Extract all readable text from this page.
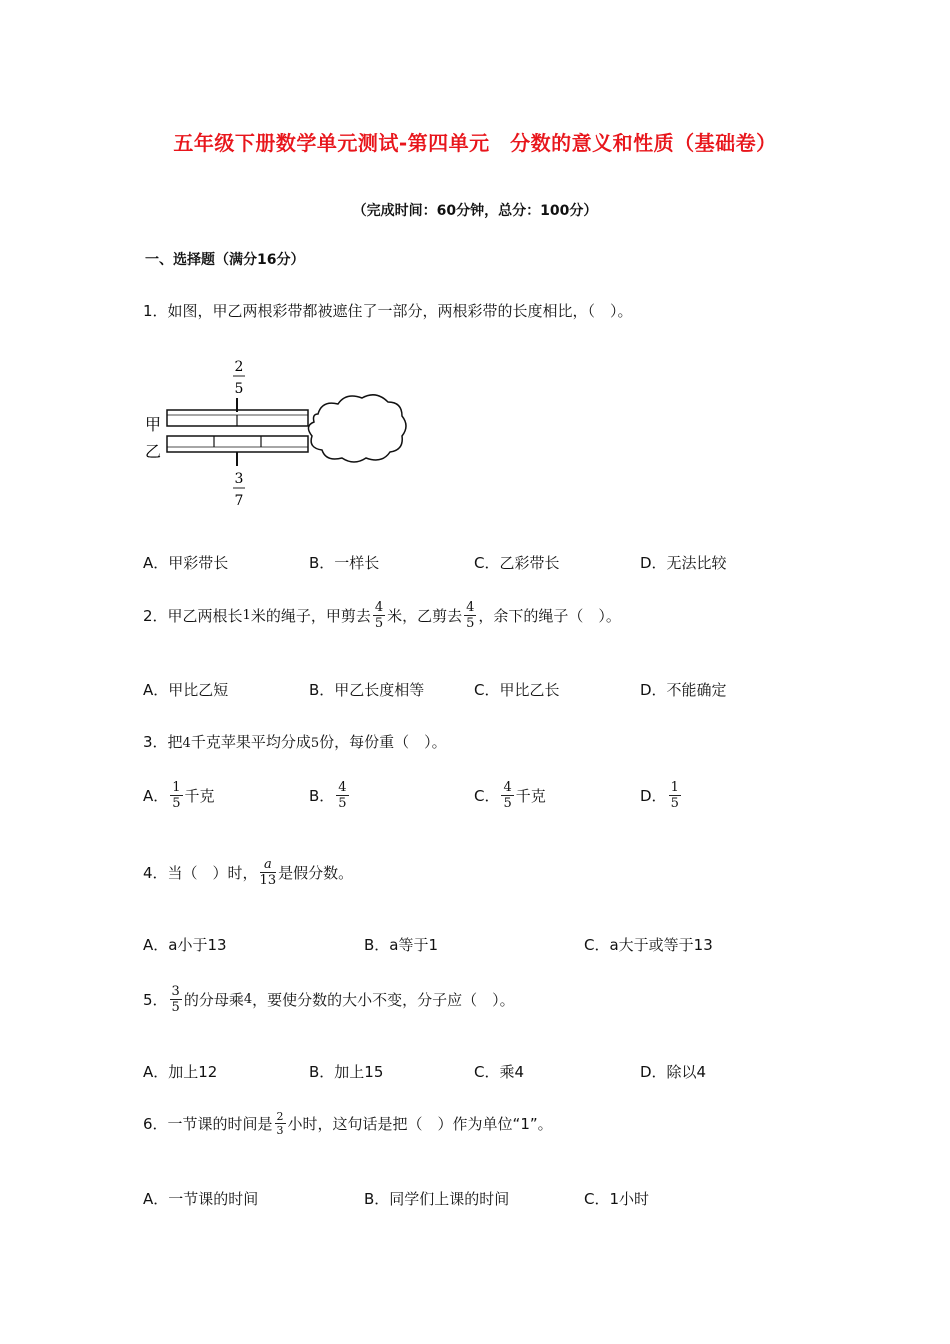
五年级下册数学单元测试-第四单元　分数的意义和性质（基础卷）
（完成时间：60分钟，总分：100分）
一、选择题（满分16分）
1．如图，甲乙两根彩带都被遮住了一部分，两根彩带的长度相比，（　）。
2
5
甲
乙
3
7
A．甲彩带长	B．一样长	C．乙彩带长	D．无法比较
2．甲乙两根长 1 米的绳子，甲剪去 $\frac{4}{5}$ 米，乙剪去 $\frac{4}{5}$ ，余下的绳子（　）。
A．甲比乙短	B．甲乙长度相等	C．甲比乙长	D．不能确定
3．把4千克苹果平均分成5份，每份重（　）。
A． $\frac{1}{5}$ 千克	B． $\frac{4}{5}$	C． $\frac{4}{5}$ 千克	D． $\frac{1}{5}$
4．当（　）时， $\frac{a}{13}$ 是假分数。
A．a小于13	B．a等于1	C．a大于或等于13
5． $\frac{3}{5}$ 的分母乘 4 ，要使分数的大小不变，分子应（　）。
A．加上12	B．加上15	C．乘4	D．除以4
6．一节课的时间是 $\frac{2}{3}$ 小时，这句话是把（　）作为单位“1”。
A．一节课的时间	B．同学们上课的时间	C．1小时
